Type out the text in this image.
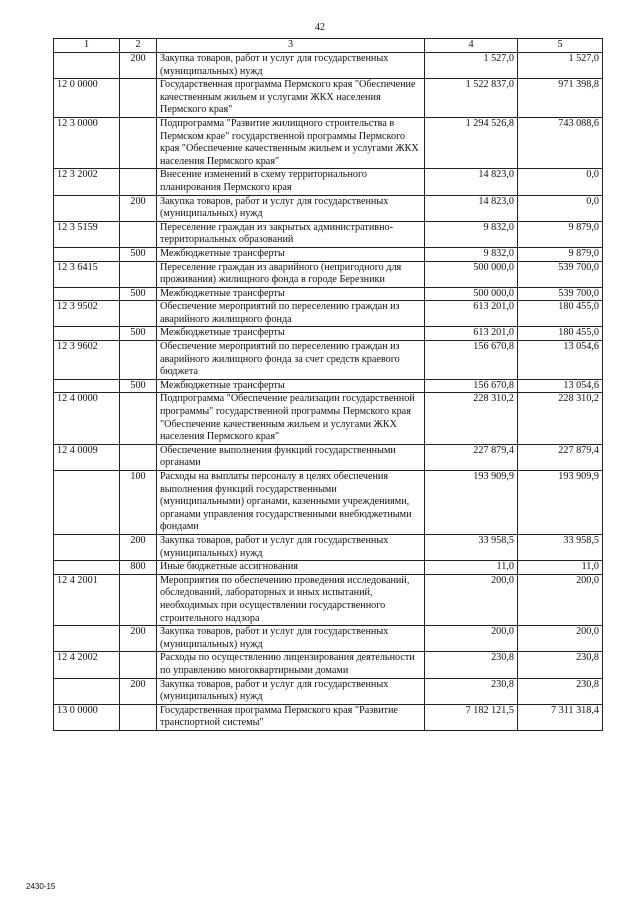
42
1	2	3	4	5
	200	Закупка товаров, работ и услуг для государственных (муниципальных) нужд	1 527,0	1 527,0
12 0 0000		Государственная программа Пермского края "Обеспечение качественным жильем и услугами ЖКХ населения Пермского края"	1 522 837,0	971 398,8
12 3 0000		Подпрограмма "Развитие жилищного строительства в Пермском крае" государственной программы Пермского края "Обеспечение качественным жильем и услугами ЖКХ населения Пермского края"	1 294 526,8	743 088,6
12 3 2002		Внесение изменений в схему территориального планирования Пермского края	14 823,0	0,0
	200	Закупка товаров, работ и услуг для государственных (муниципальных) нужд	14 823,0	0,0
12 3 5159		Переселение граждан из закрытых административно-территориальных образований	9 832,0	9 879,0
	500	Межбюджетные трансферты	9 832,0	9 879,0
12 3 6415		Переселение граждан из аварийного (непригодного для проживания) жилищного фонда в городе Березники	500 000,0	539 700,0
	500	Межбюджетные трансферты	500 000,0	539 700,0
12 3 9502		Обеспечение мероприятий по переселению граждан из аварийного жилищного фонда	613 201,0	180 455,0
	500	Межбюджетные трансферты	613 201,0	180 455,0
12 3 9602		Обеспечение мероприятий по переселению граждан из аварийного жилищного фонда за счет средств краевого бюджета	156 670,8	13 054,6
	500	Межбюджетные трансферты	156 670,8	13 054,6
12 4 0000		Подпрограмма "Обеспечение реализации государственной программы" государственной программы Пермского края "Обеспечение качественным жильем и услугами ЖКХ населения Пермского края"	228 310,2	228 310,2
12 4 0009		Обеспечение выполнения функций государственными органами	227 879,4	227 879,4
	100	Расходы на выплаты персоналу в целях обеспечения выполнения функций государственными (муниципальными) органами, казенными учреждениями, органами управления государственными внебюджетными фондами	193 909,9	193 909,9
	200	Закупка товаров, работ и услуг для государственных (муниципальных) нужд	33 958,5	33 958,5
	800	Иные бюджетные ассигнования	11,0	11,0
12 4 2001		Мероприятия по обеспечению проведения исследований, обследований, лабораторных и иных испытаний, необходимых при осуществлении государственного строительного надзора	200,0	200,0
	200	Закупка товаров, работ и услуг для государственных (муниципальных) нужд	200,0	200,0
12 4 2002		Расходы по осуществлению лицензирования деятельности по управлению многоквартирными домами	230,8	230,8
	200	Закупка товаров, работ и услуг для государственных (муниципальных) нужд	230,8	230,8
13 0 0000		Государственная программа Пермского края "Развитие транспортной системы"	7 182 121,5	7 311 318,4
2430-15
